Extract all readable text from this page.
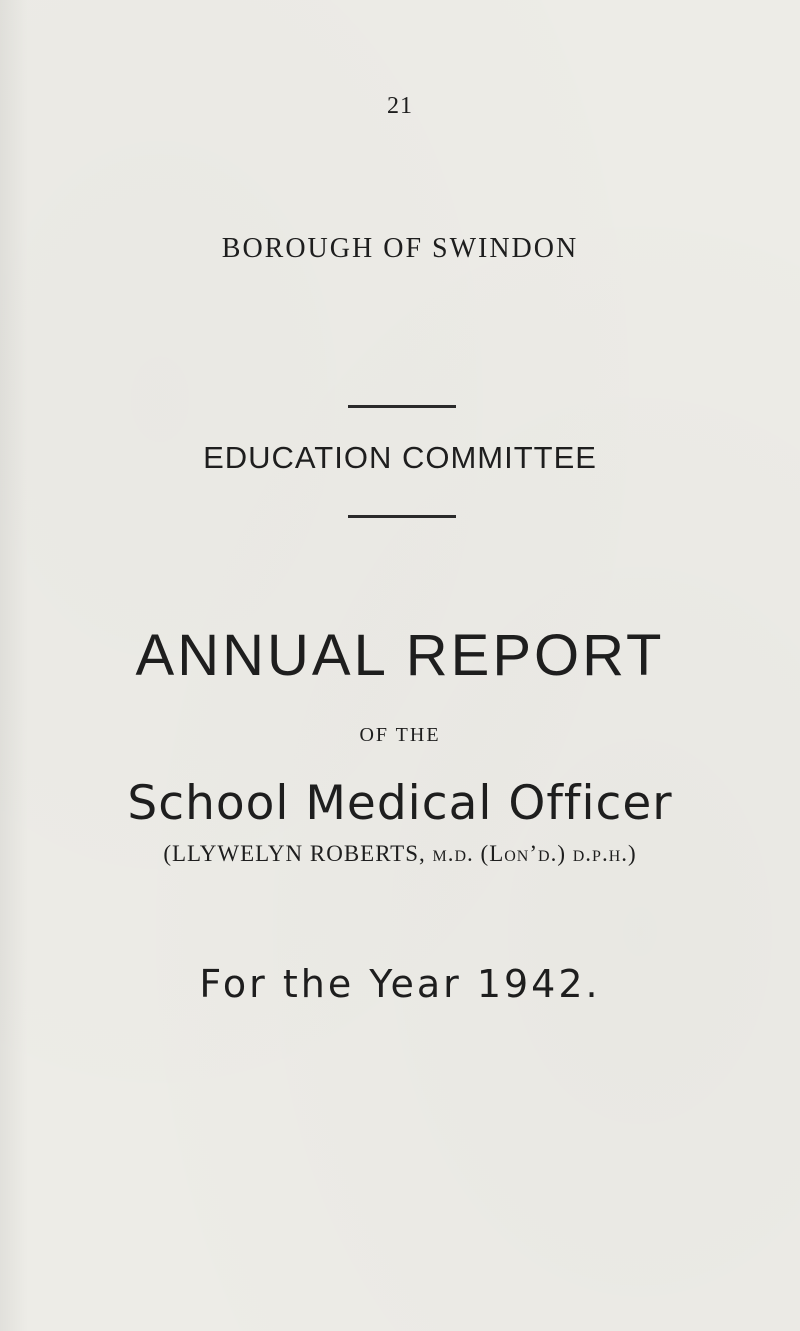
21
BOROUGH OF SWINDON
EDUCATION COMMITTEE
ANNUAL REPORT
OF THE
School Medical Officer
(LLYWELYN ROBERTS, m.d. (Lon’d.) d.p.h.)
For the Year 1942.
